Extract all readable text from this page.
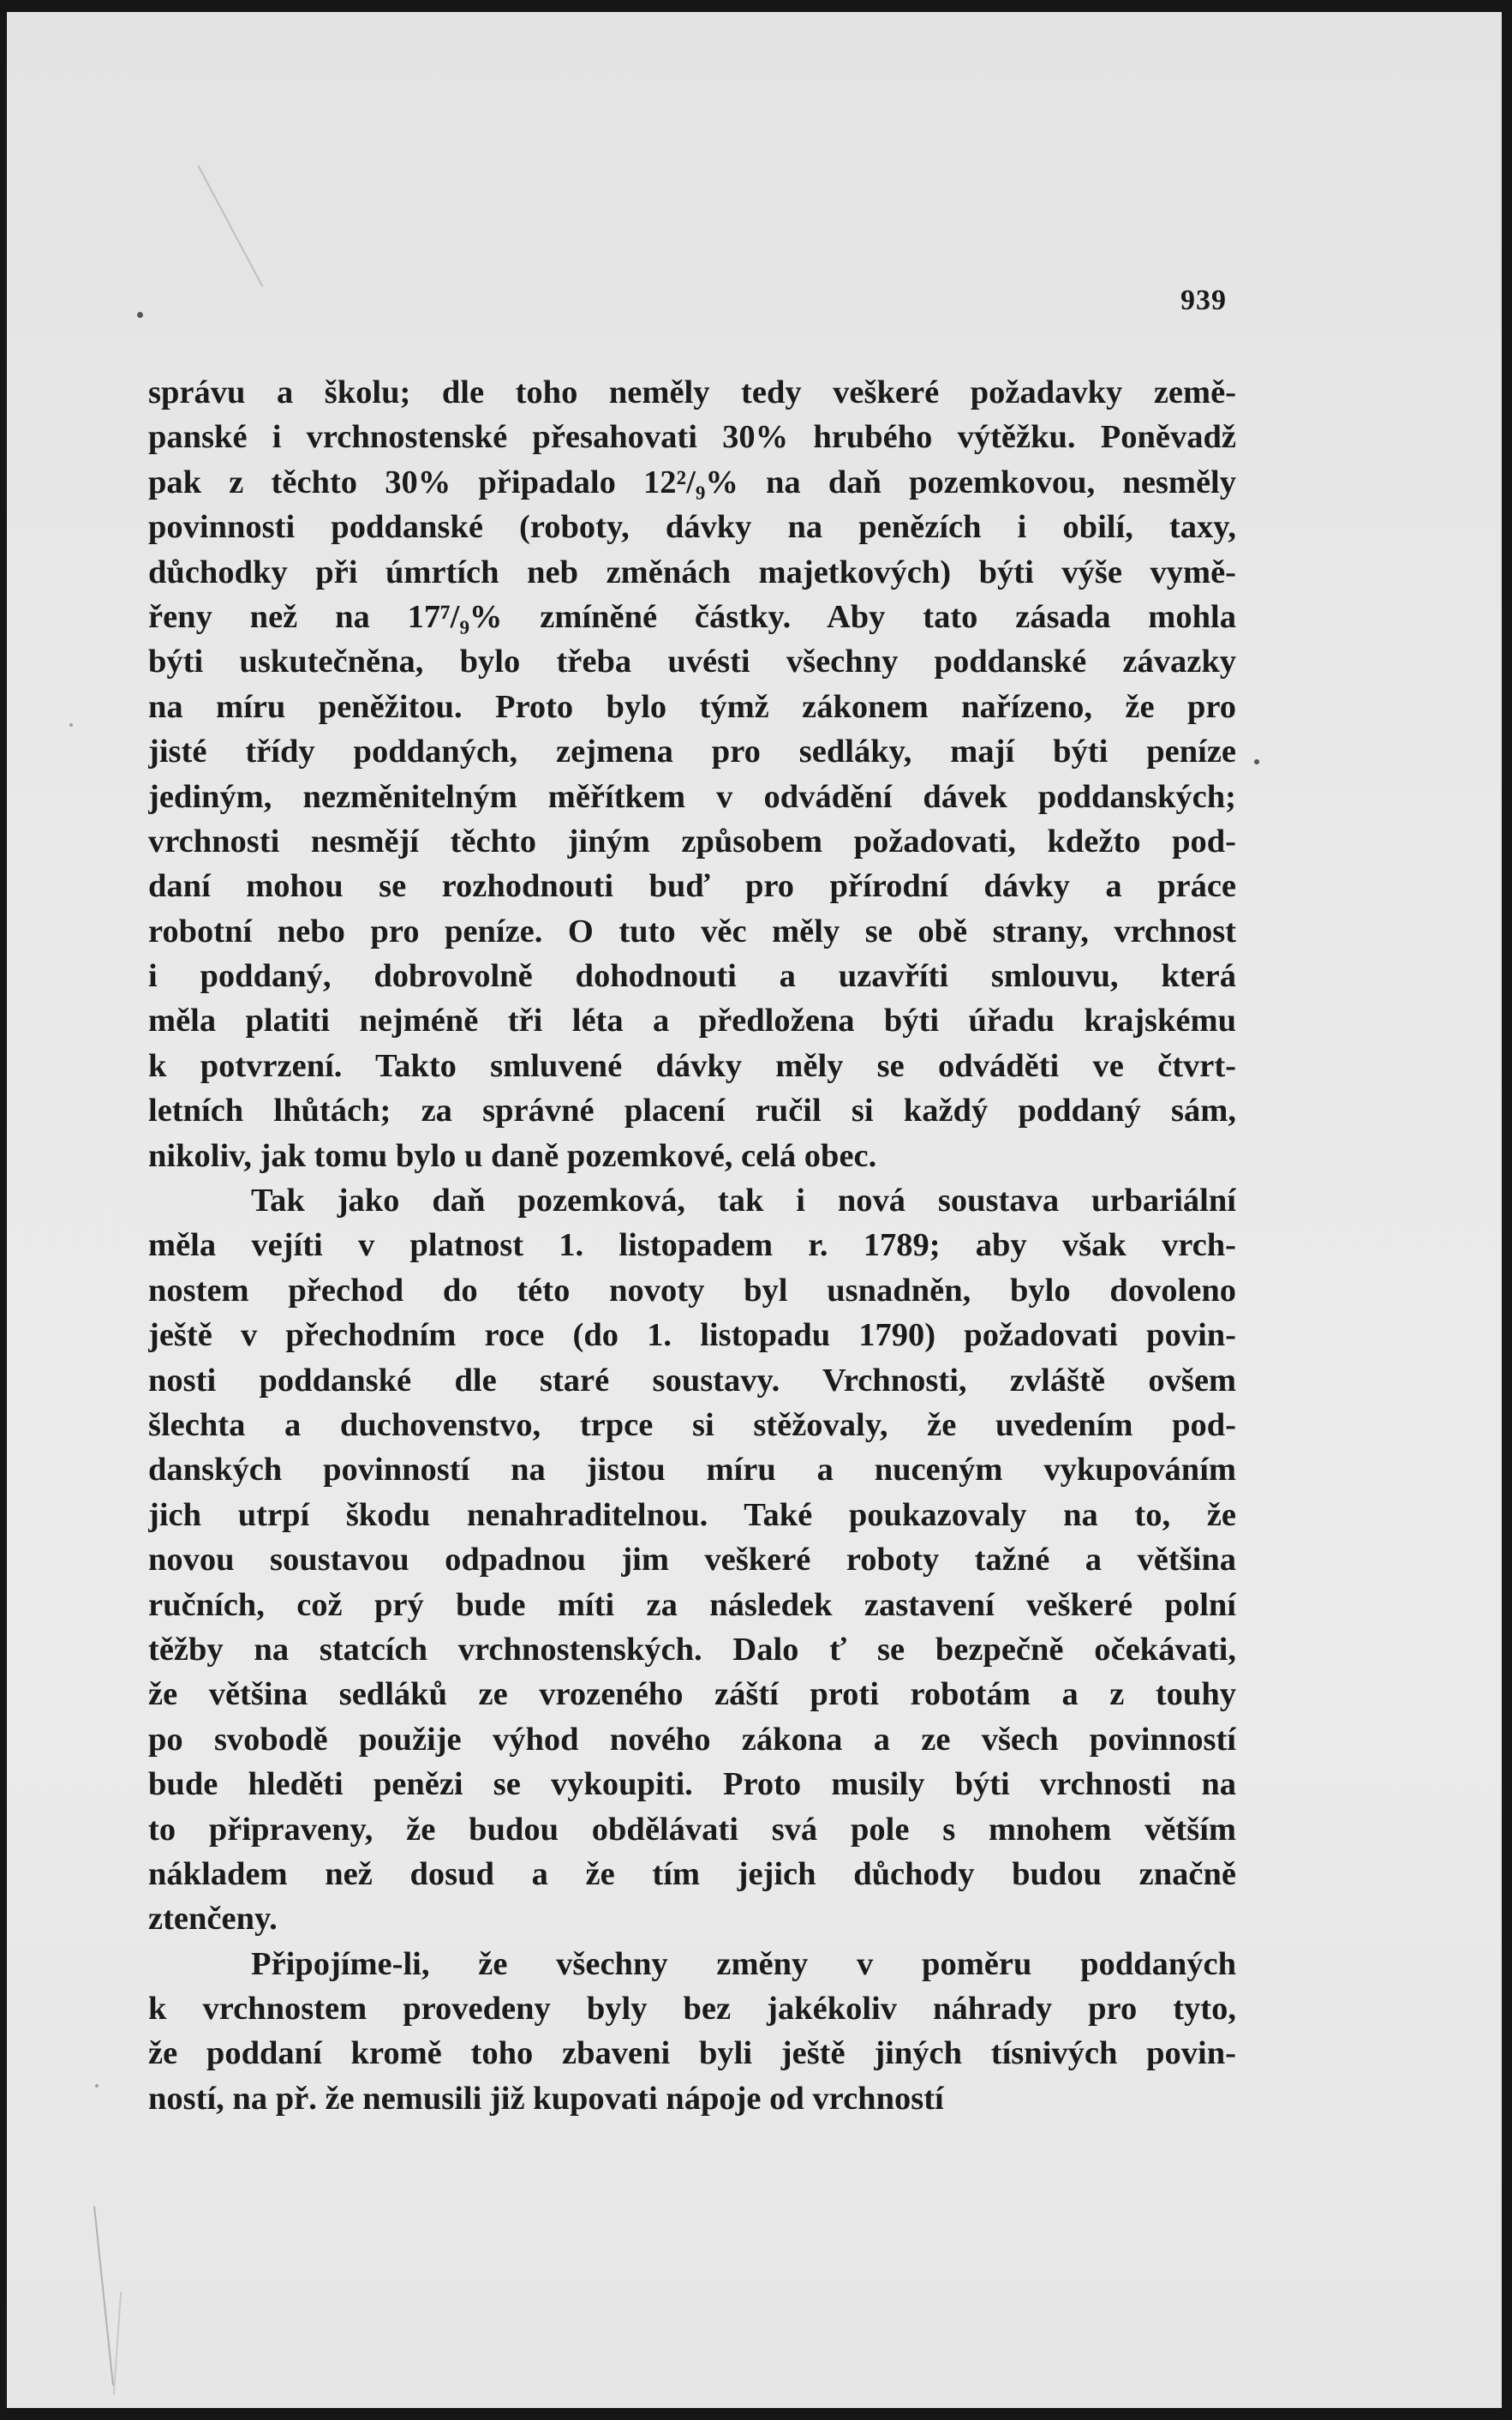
939

správu a školu; dle toho neměly tedy veškeré požadavky země-
panské i vrchnostenské přesahovati 30% hrubého výtěžku. Poněvadž
pak z těchto 30% připadalo 12²/₉% na daň pozemkovou, nesměly
povinnosti poddanské (roboty, dávky na penězích i obilí, taxy,
důchodky při úmrtích neb změnách majetkových) býti výše vymě-
řeny než na 17⁷/₉% zmíněné částky. Aby tato zásada mohla
býti uskutečněna, bylo třeba uvésti všechny poddanské závazky
na míru peněžitou. Proto bylo týmž zákonem nařízeno, že pro
jisté třídy poddaných, zejmena pro sedláky, mají býti peníze
jediným, nezměnitelným měřítkem v odvádění dávek poddanských;
vrchnosti nesmějí těchto jiným způsobem požadovati, kdežto pod-
daní mohou se rozhodnouti buď pro přírodní dávky a práce
robotní nebo pro peníze. O tuto věc měly se obě strany, vrchnost
i poddaný, dobrovolně dohodnouti a uzavříti smlouvu, která
měla platiti nejméně tři léta a předložena býti úřadu krajskému
k potvrzení. Takto smluvené dávky měly se odváděti ve čtvrt-
letních lhůtách; za správné placení ručil si každý poddaný sám,
nikoliv, jak tomu bylo u daně pozemkové, celá obec.

Tak jako daň pozemková, tak i nová soustava urbariální
měla vejíti v platnost 1. listopadem r. 1789; aby však vrch-
nostem přechod do této novoty byl usnadněn, bylo dovoleno
ještě v přechodním roce (do 1. listopadu 1790) požadovati povin-
nosti poddanské dle staré soustavy. Vrchnosti, zvláště ovšem
šlechta a duchovenstvo, trpce si stěžovaly, že uvedením pod-
danských povinností na jistou míru a nuceným vykupováním
jich utrpí škodu nenahraditelnou. Také poukazovaly na to, že
novou soustavou odpadnou jim veškeré roboty tažné a většina
ručních, což prý bude míti za následek zastavení veškeré polní
těžby na statcích vrchnostenských. Dalo ť se bezpečně očekávati,
že většina sedláků ze vrozeného záští proti robotám a z touhy
po svobodě použije výhod nového zákona a ze všech povinností
bude hleděti penězi se vykoupiti. Proto musily býti vrchnosti na
to připraveny, že budou obdělávati svá pole s mnohem větším
nákladem než dosud a že tím jejich důchody budou značně
ztenčeny.

Připojíme-li, že všechny změny v poměru poddaných
k vrchnostem provedeny byly bez jakékoliv náhrady pro tyto,
že poddaní kromě toho zbaveni byli ještě jiných tísnivých povin-
ností, na př. že nemusili již kupovati nápoje od vrchností
